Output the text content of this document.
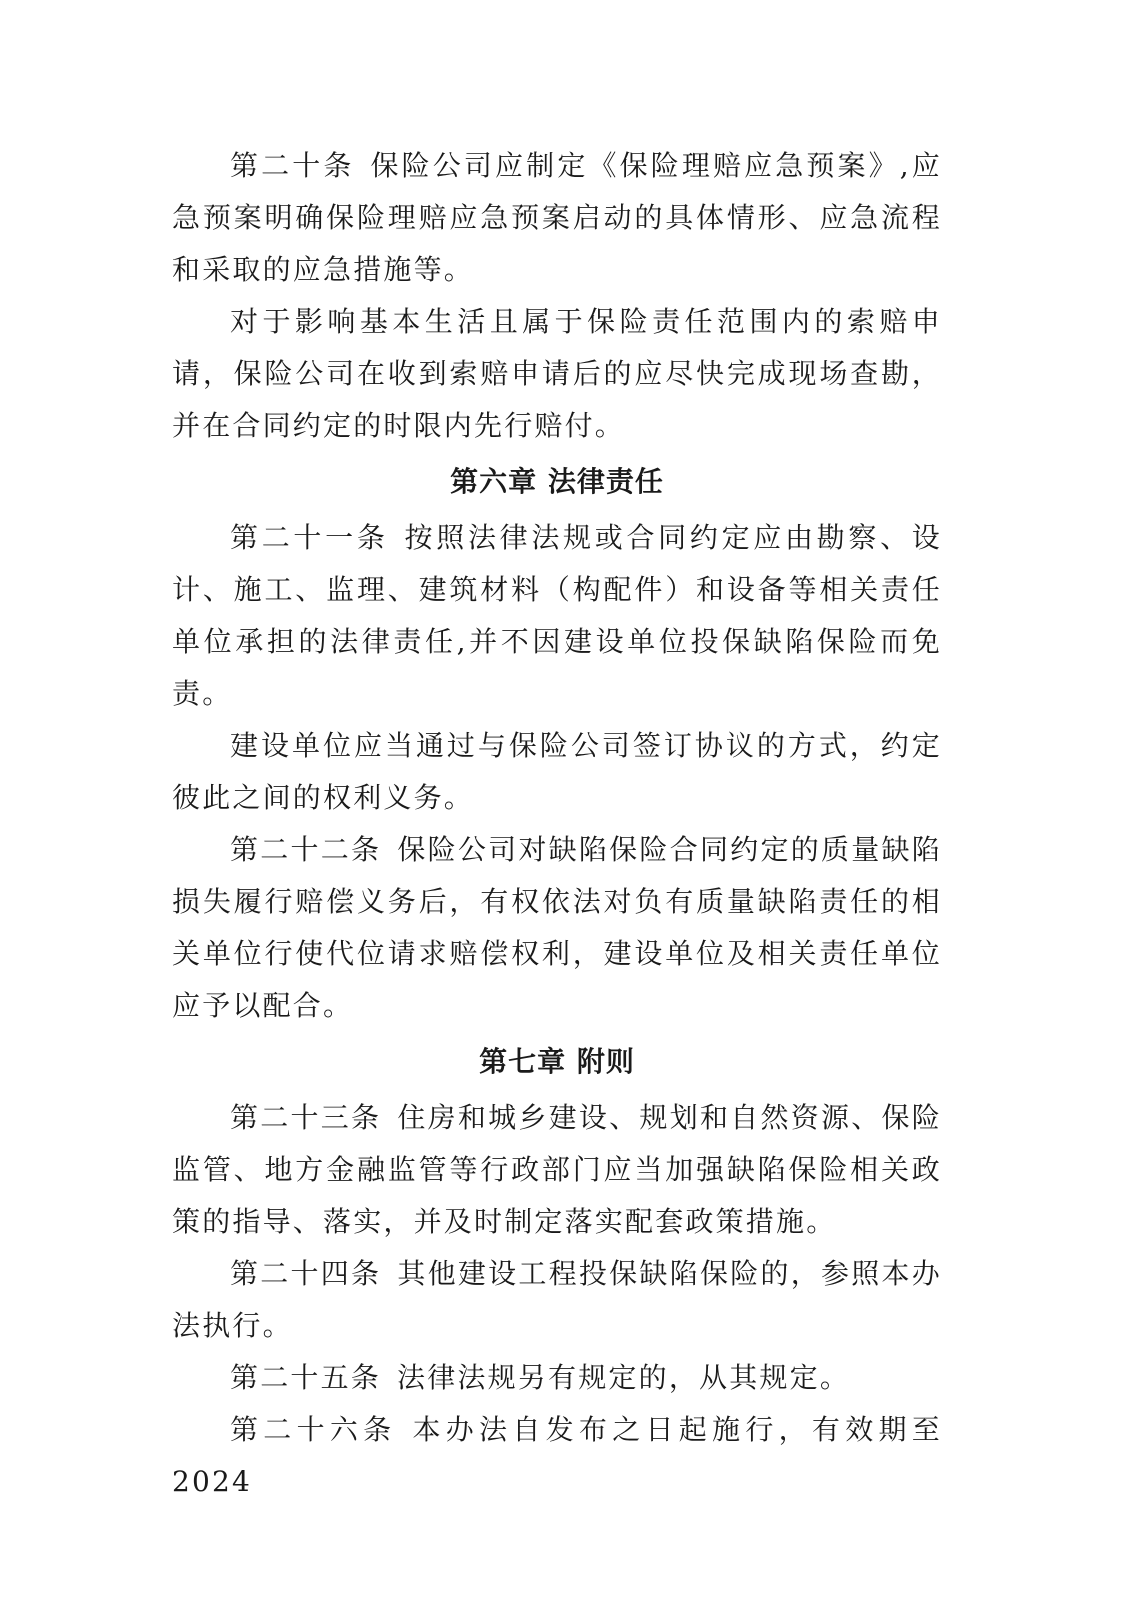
第二十条 保险公司应制定《保险理赔应急预案》,应急预案明确保险理赔应急预案启动的具体情形、应急流程和采取的应急措施等。

对于影响基本生活且属于保险责任范围内的索赔申请，保险公司在收到索赔申请后的应尽快完成现场查勘，并在合同约定的时限内先行赔付。

第六章 法律责任

第二十一条 按照法律法规或合同约定应由勘察、设计、施工、监理、建筑材料（构配件）和设备等相关责任单位承担的法律责任,并不因建设单位投保缺陷保险而免责。

建设单位应当通过与保险公司签订协议的方式，约定彼此之间的权利义务。

第二十二条 保险公司对缺陷保险合同约定的质量缺陷损失履行赔偿义务后，有权依法对负有质量缺陷责任的相关单位行使代位请求赔偿权利，建设单位及相关责任单位应予以配合。

第七章 附则

第二十三条 住房和城乡建设、规划和自然资源、保险监管、地方金融监管等行政部门应当加强缺陷保险相关政策的指导、落实，并及时制定落实配套政策措施。

第二十四条 其他建设工程投保缺陷保险的，参照本办法执行。

第二十五条 法律法规另有规定的，从其规定。

第二十六条 本办法自发布之日起施行，有效期至2024
